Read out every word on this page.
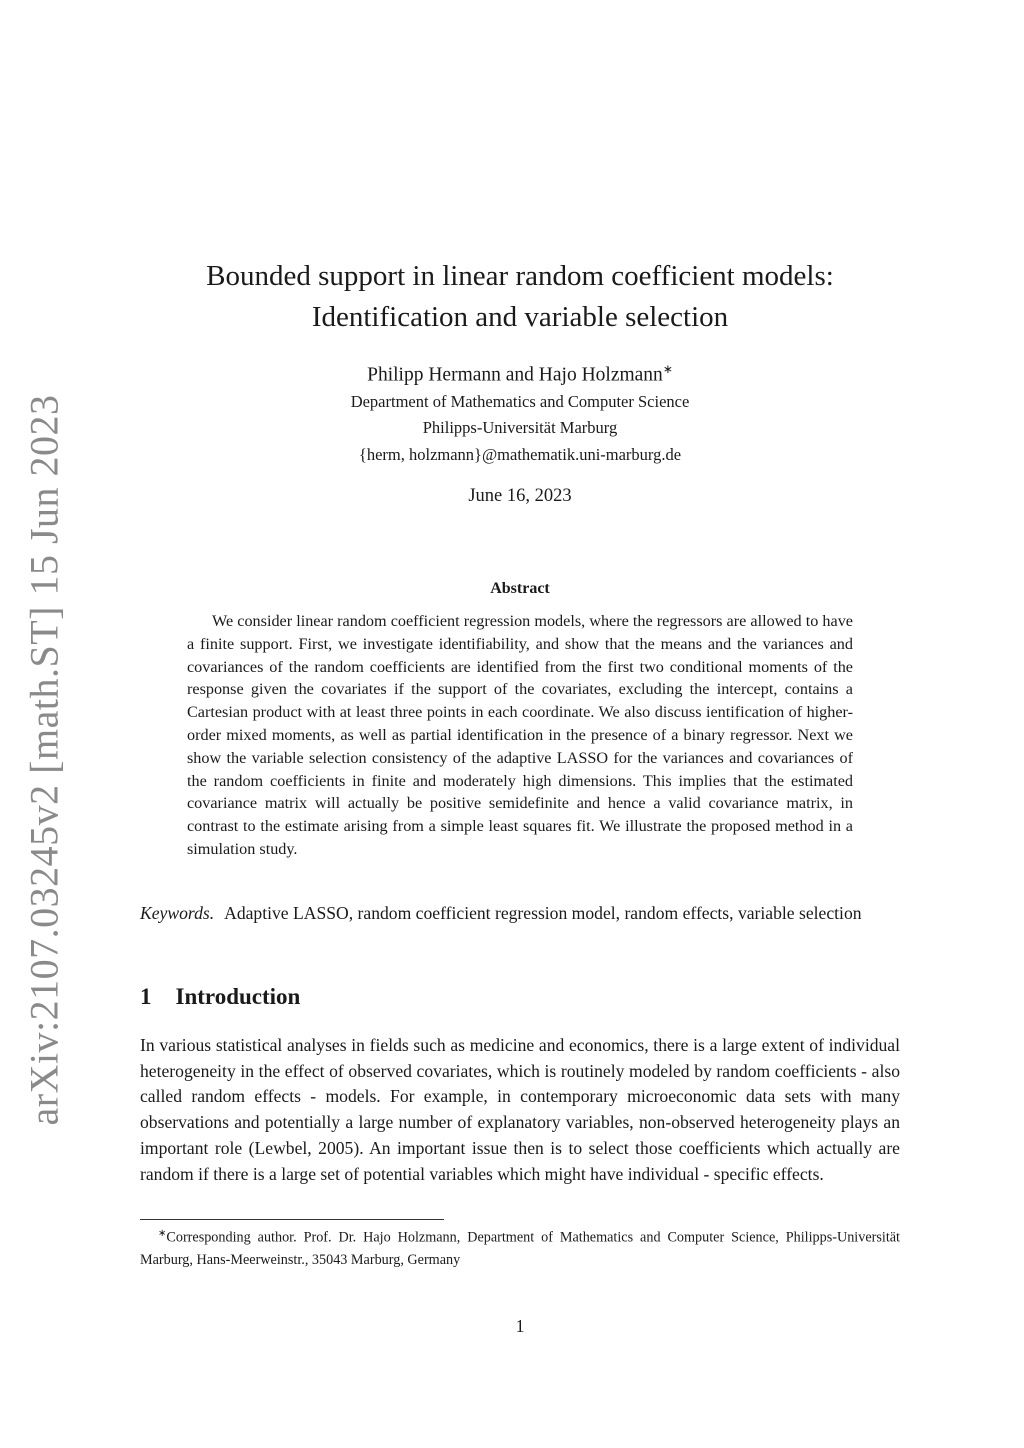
arXiv:2107.03245v2 [math.ST] 15 Jun 2023
Bounded support in linear random coefficient models:
Identification and variable selection
Philipp Hermann and Hajo Holzmann∗
Department of Mathematics and Computer Science
Philipps-Universität Marburg
{herm, holzmann}@mathematik.uni-marburg.de
June 16, 2023
Abstract

We consider linear random coefficient regression models, where the regressors are allowed to have a finite support. First, we investigate identifiability, and show that the means and the variances and covariances of the random coefficients are identified from the first two conditional moments of the response given the covariates if the support of the covariates, excluding the intercept, contains a Cartesian product with at least three points in each coordinate. We also discuss ientification of higher-order mixed moments, as well as partial identification in the presence of a binary regressor. Next we show the variable selection consistency of the adaptive LASSO for the variances and covariances of the random coefficients in finite and moderately high dimensions. This implies that the estimated covariance matrix will actually be positive semidefinite and hence a valid covariance matrix, in contrast to the estimate arising from a simple least squares fit. We illustrate the proposed method in a simulation study.

Keywords. Adaptive LASSO, random coefficient regression model, random effects, variable selection

1 Introduction

In various statistical analyses in fields such as medicine and economics, there is a large extent of individual heterogeneity in the effect of observed covariates, which is routinely modeled by random coefficients - also called random effects - models. For example, in contemporary microeconomic data sets with many observations and potentially a large number of explanatory variables, non-observed heterogeneity plays an important role (Lewbel, 2005). An important issue then is to select those coefficients which actually are random if there is a large set of potential variables which might have individual - specific effects.

∗Corresponding author. Prof. Dr. Hajo Holzmann, Department of Mathematics and Computer Science, Philipps-Universität Marburg, Hans-Meerweinstr., 35043 Marburg, Germany

1
